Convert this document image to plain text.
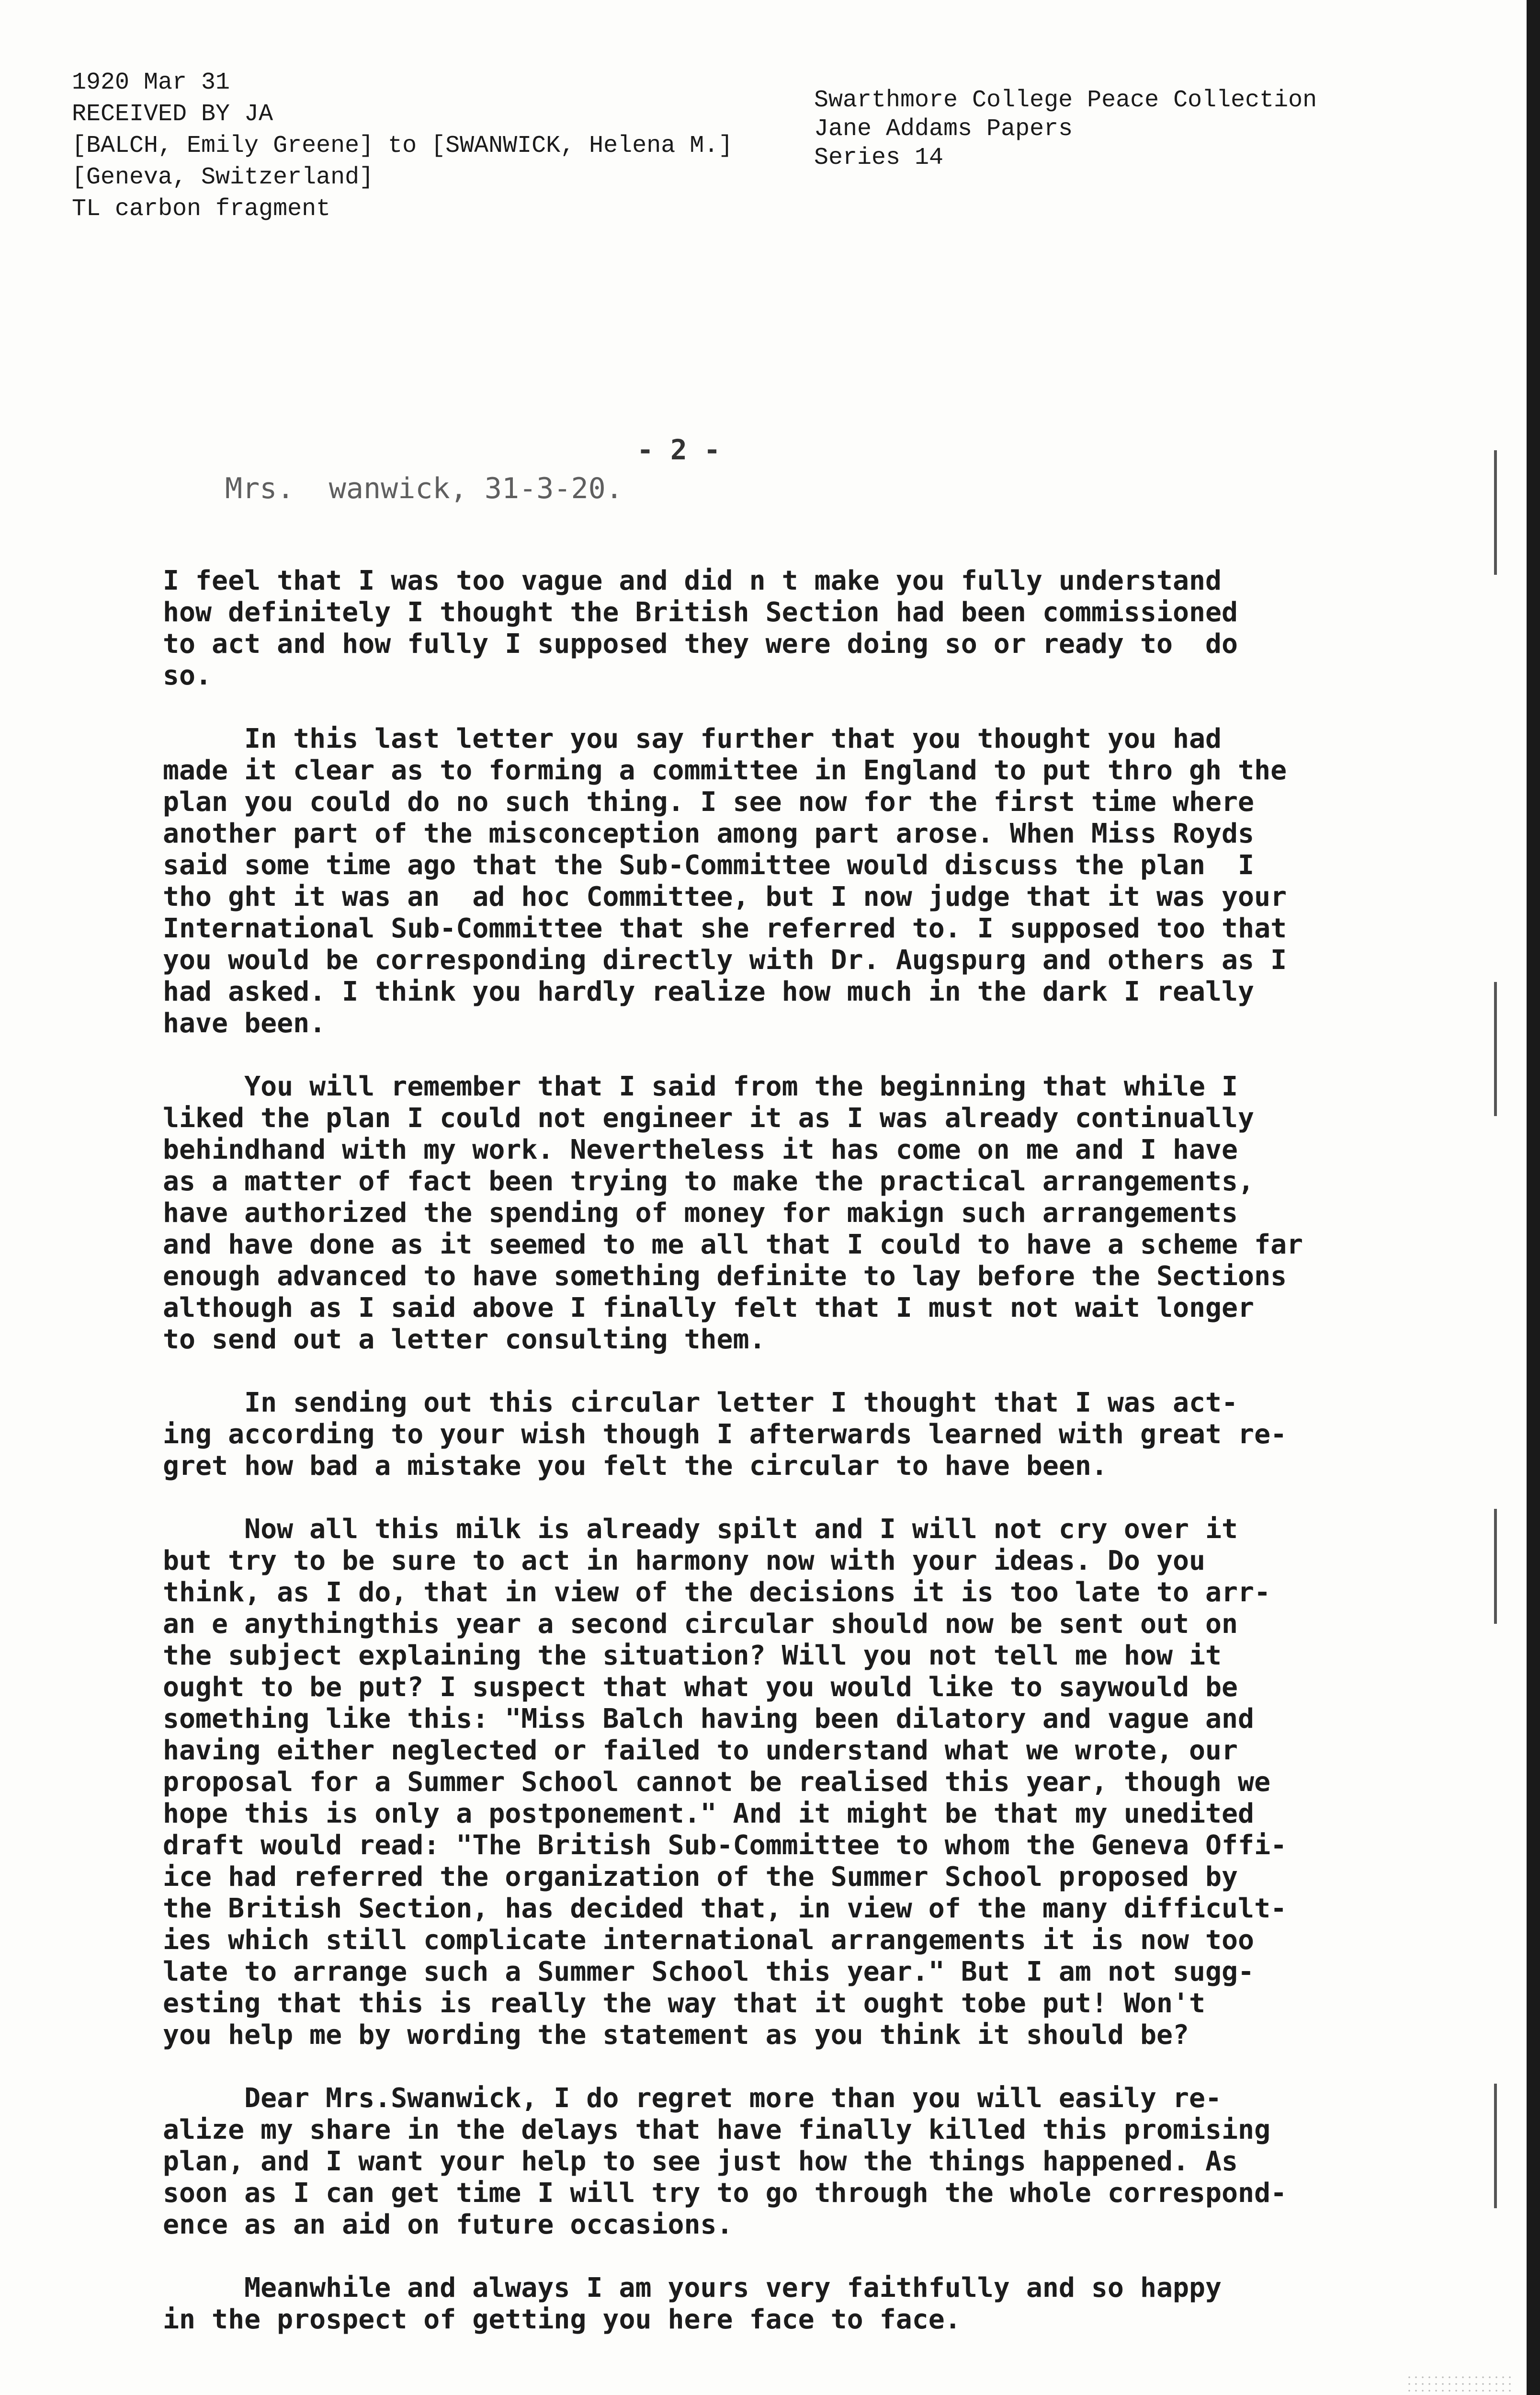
1920 Mar 31
RECEIVED BY JA
[BALCH, Emily Greene] to [SWANWICK, Helena M.]
[Geneva, Switzerland]
TL carbon fragment
Swarthmore College Peace Collection
Jane Addams Papers
Series 14
- 2 -
Mrs.  wanwick, 31-3-20.
I feel that I was too vague and did n t make you fully understand
how definitely I thought the British Section had been commissioned
to act and how fully I supposed they were doing so or ready to  do
so.
In this last letter you say further that you thought you had
made it clear as to forming a committee in England to put thro gh the
plan you could do no such thing. I see now for the first time where
another part of the misconception among part arose. When Miss Royds
said some time ago that the Sub-Committee would discuss the plan  I
tho ght it was an  ad hoc Committee, but I now judge that it was your
International Sub-Committee that she referred to. I supposed too that
you would be corresponding directly with Dr. Augspurg and others as I
had asked. I think you hardly realize how much in the dark I really
have been.
You will remember that I said from the beginning that while I
liked the plan I could not engineer it as I was already continually
behindhand with my work. Nevertheless it has come on me and I have
as a matter of fact been trying to make the practical arrangements,
have authorized the spending of money for makign such arrangements
and have done as it seemed to me all that I could to have a scheme far
enough advanced to have something definite to lay before the Sections
although as I said above I finally felt that I must not wait longer
to send out a letter consulting them.
In sending out this circular letter I thought that I was act-
ing according to your wish though I afterwards learned with great re-
gret how bad a mistake you felt the circular to have been.
Now all this milk is already spilt and I will not cry over it
but try to be sure to act in harmony now with your ideas. Do you
think, as I do, that in view of the decisions it is too late to arr-
an e anythingthis year a second circular should now be sent out on
the subject explaining the situation? Will you not tell me how it
ought to be put? I suspect that what you would like to saywould be
something like this: "Miss Balch having been dilatory and vague and
having either neglected or failed to understand what we wrote, our
proposal for a Summer School cannot be realised this year, though we
hope this is only a postponement." And it might be that my unedited
draft would read: "The British Sub-Committee to whom the Geneva Offi-
ice had referred the organization of the Summer School proposed by
the British Section, has decided that, in view of the many difficult-
ies which still complicate international arrangements it is now too
late to arrange such a Summer School this year." But I am not sugg-
esting that this is really the way that it ought tobe put! Won't
you help me by wording the statement as you think it should be?
Dear Mrs.Swanwick, I do regret more than you will easily re-
alize my share in the delays that have finally killed this promising
plan, and I want your help to see just how the things happened. As
soon as I can get time I will try to go through the whole correspond-
ence as an aid on future occasions.
Meanwhile and always I am yours very faithfully and so happy
in the prospect of getting you here face to face.
